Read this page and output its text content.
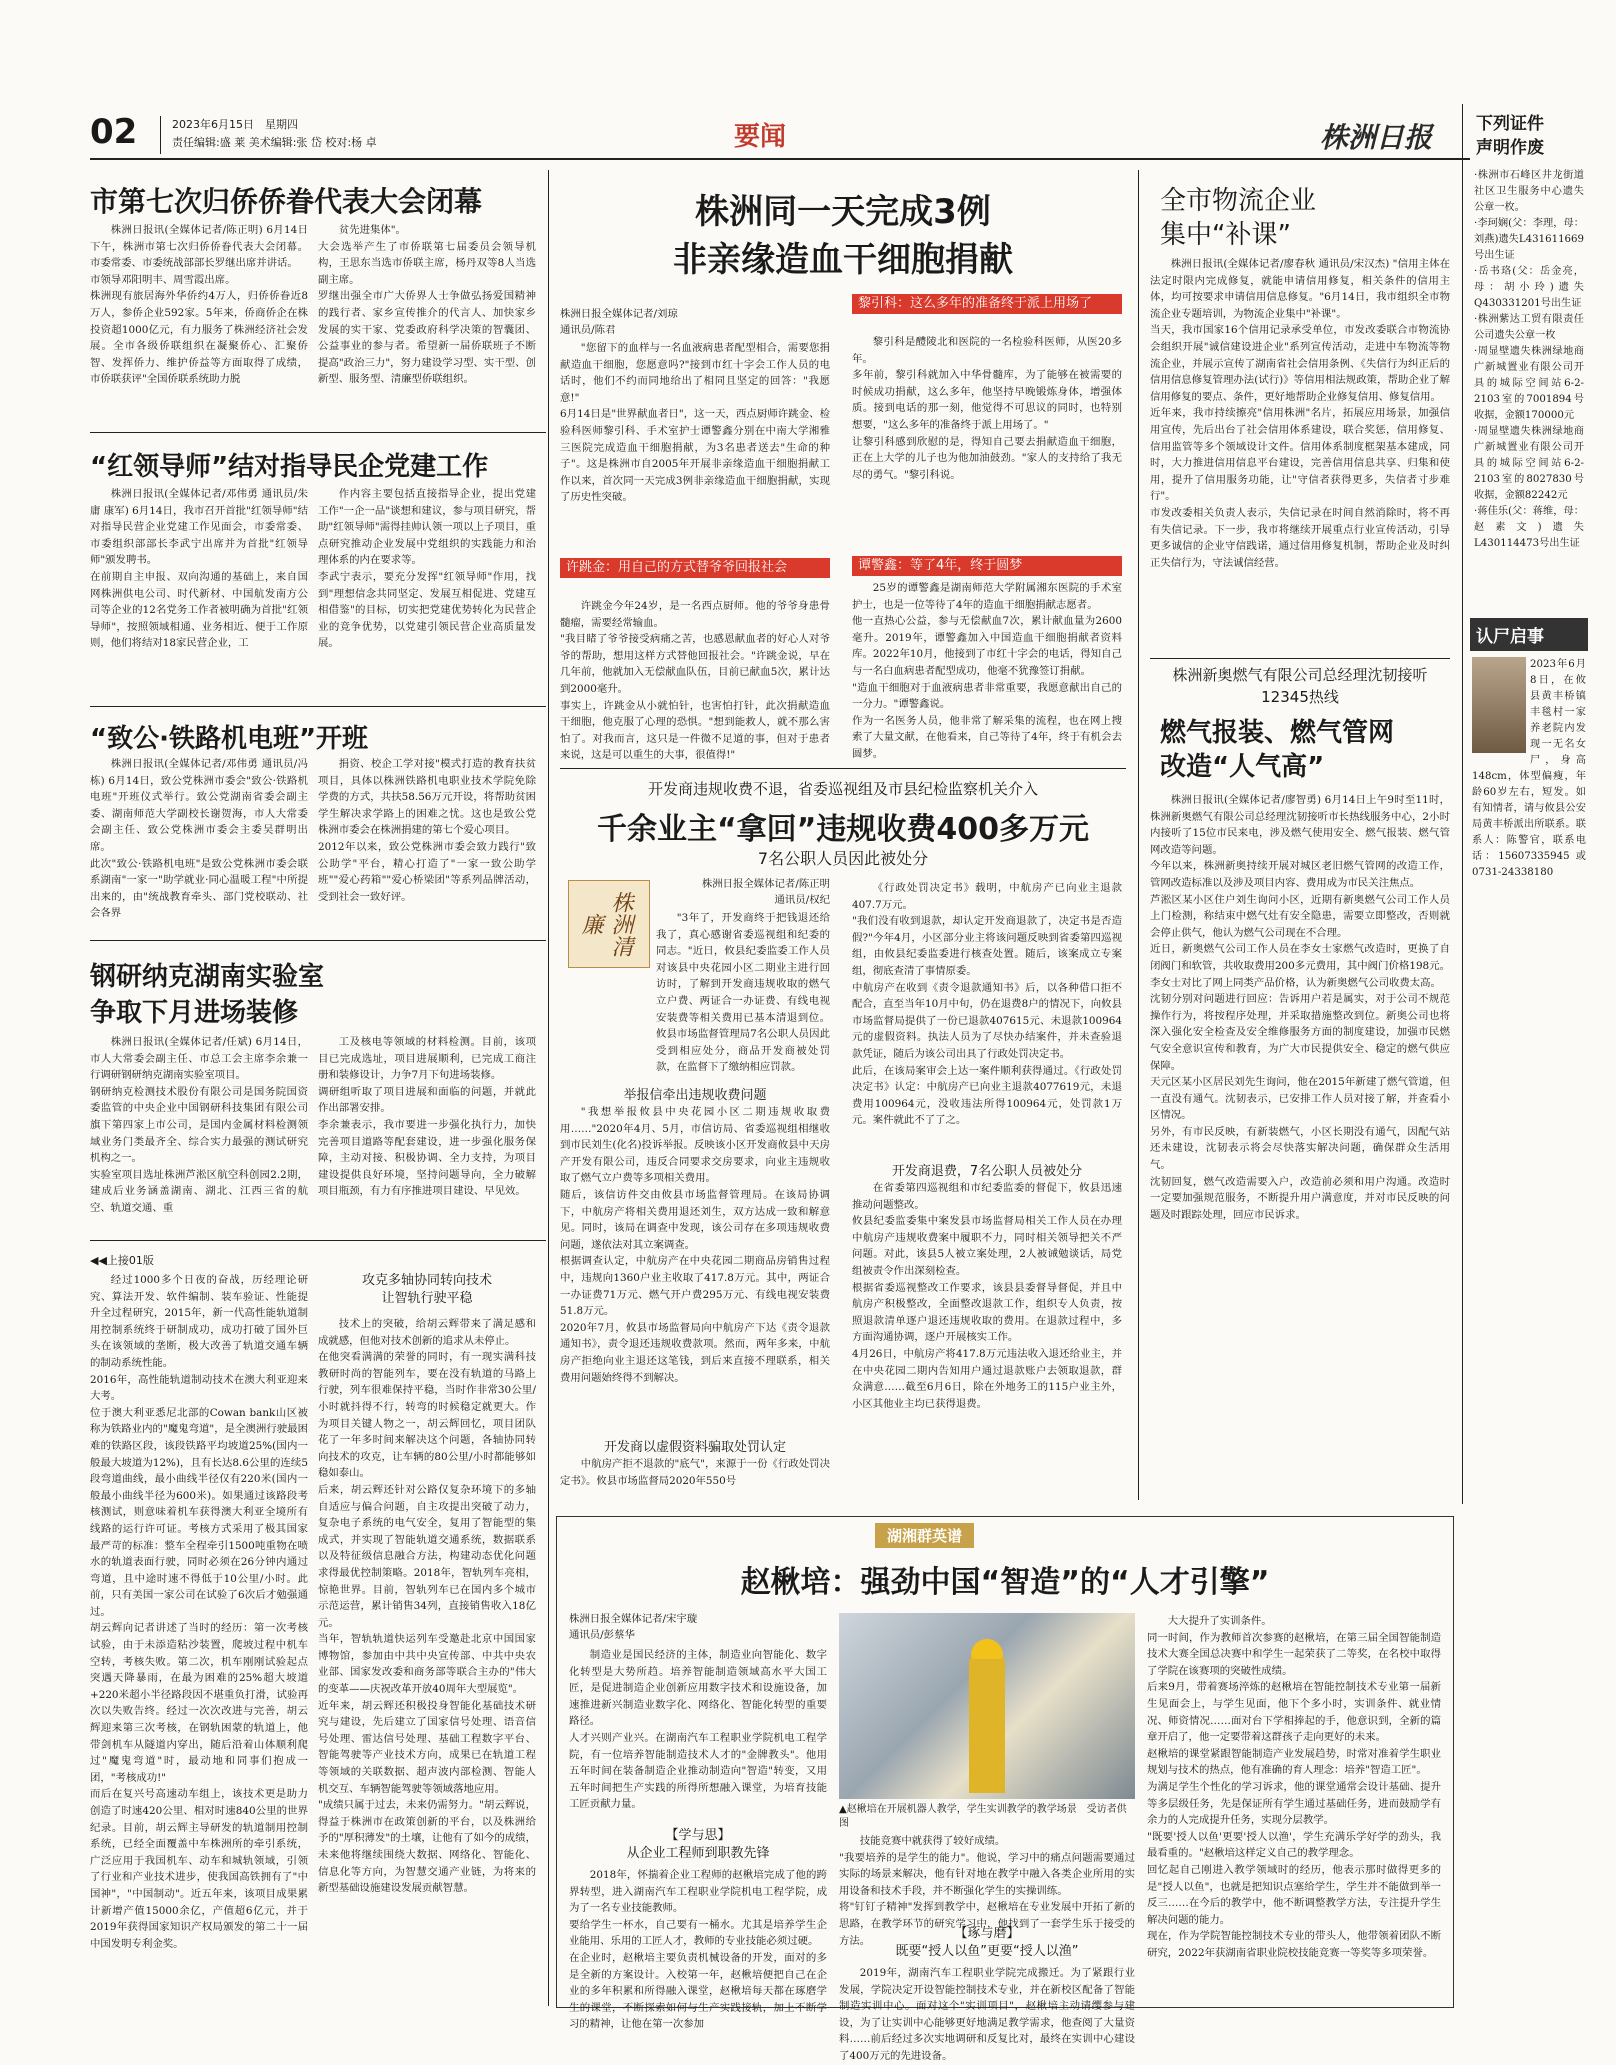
02	2023年6月15日　星期四
责任编辑:盛 莱 美术编辑:张 岱 校对:杨 卓	要闻	株洲日报
市第七次归侨侨眷代表大会闭幕
株洲日报讯(全媒体记者/陈正明) 6月14日下午，株洲市第七次归侨侨眷代表大会闭幕。市委常委、市委统战部部长罗继出席并讲话。
市领导邓阳明丰、周雪霞出席。
株洲现有旅居海外华侨约4万人，归侨侨眷近8万人，参侨企业592家。5年来，侨商侨企在株投资超1000亿元，有力服务了株洲经济社会发展。全市各级侨联组织在凝聚侨心、汇聚侨智、发挥侨力、维护侨益等方面取得了成绩，市侨联获评"全国侨联系统助力脱
贫先进集体"。
大会选举产生了市侨联第七届委员会领导机构，王思东当选市侨联主席，杨丹双等8人当选副主席。
罗继出强全市广大侨界人士争做弘扬爱国精神的践行者、家乡宣传推介的代言人、加快家乡发展的实干家、党委政府科学决策的智囊团、公益事业的参与者。希望新一届侨联班子不断提高"政治三力"，努力建设学习型、实干型、创新型、服务型、清廉型侨联组织。
“红领导师”结对指导民企党建工作
株洲日报讯(全媒体记者/邓伟勇 通讯员/朱庸 康军) 6月14日，我市召开首批"红领导师"结对指导民营企业党建工作见面会，市委常委、市委组织部部长李武宁出席并为首批"红领导师"颁发聘书。
在前期自主申报、双向沟通的基础上，来自国网株洲供电公司、时代新材、中国航发南方公司等企业的12名党务工作者被明确为首批"红领导师"，按照领域相通、业务相近、便于工作原则，他们将结对18家民营企业，工
作内容主要包括直接指导企业，提出党建工作"一企一品"谈想和建议，参与项目研究，帮助"红领导师"需得挂帅认领一项以上子项目，重点研究推动企业发展中党组织的实践能力和治理体系的内在要求等。
李武宁表示，要充分发挥"红领导师"作用，找到"理想信念共同坚定、发展互相促进、党建互相借鉴"的目标，切实把党建优势转化为民营企业的竞争优势，以党建引领民营企业高质量发展。
“致公·铁路机电班”开班
株洲日报讯(全媒体记者/邓伟勇 通讯员/冯栋) 6月14日，致公党株洲市委会"致公·铁路机电班"开班仪式举行。致公党湖南省委会副主委、湖南师范大学副校长谢贺海，市人大常委会副主任、致公党株洲市委会主委吴群明出席。
此次"致公·铁路机电班"是致公党株洲市委会联系湖南"一家一"助学就业·同心温暖工程"中所提出来的，由"统战教育牵头、部门党校联动、社会各界
捐资、校企工学对接"模式打造的教育扶贫项目，具体以株洲铁路机电职业技术学院免除学费的方式，共扶58.56万元开设，将帮助贫困学生解决求学路上的困难之忧。这也是致公党株洲市委会在株洲捐建的第七个爱心项目。
2012年以来，致公党株洲市委会致力践行"致公助学"平台，精心打造了"一家一致公助学班""爱心药箱""爱心桥梁团"等系列品牌活动，受到社会一致好评。
钢研纳克湖南实验室
争取下月进场装修
株洲日报讯(全媒体记者/任斌) 6月14日，市人大常委会副主任、市总工会主席李余兼一行调研钢研纳克湖南实验室项目。
钢研纳克检测技术股份有限公司是国务院国资委监管的中央企业中国钢研科技集团有限公司旗下第四家上市公司，是国内金属材料检测领域业务门类最齐全、综合实力最强的测试研究机构之一。
实验室项目选址株洲芦淞区航空科创园2.2期，建成后业务涵盖湖南、湖北、江西三省的航空、轨道交通、重
工及核电等领域的材料检测。目前，该项目已完成选址，项目进展顺利，已完成工商注册和装修设计，力争7月下旬进场装修。
调研组听取了项目进展和面临的问题，并就此作出部署安排。
李余兼表示，我市要进一步强化执行力，加快完善项目道路等配套建设，进一步强化服务保障，主动对接、积极协调、全力支持，为项目建设提供良好环境，坚持问题导向，全力破解项目瓶颈，有力有序推进项目建设、早见效。
◀◀上接01版
经过1000多个日夜的奋战，历经理论研究、算法开发、软件编制、装车验证、性能提升全过程研究，2015年，新一代高性能轨道制用控制系统终于研制成功，成功打破了国外巨头在该领域的垄断，极大改善了轨道交通车辆的制动系统性能。
2016年，高性能轨道制动技术在澳大利亚迎来大考。
位于澳大利亚悉尼北部的Cowan bank山区被称为铁路业内的"魔鬼弯道"，是全澳洲行驶最困难的铁路区段，该段铁路平均坡道25%(国内一般最大坡道为12%)，且有长达8.6公里的连续5段弯道曲线，最小曲线半径仅有220米(国内一般最小曲线半径为600米)。如果通过该路段考核测试，则意味着机车获得澳大利亚全境所有线路的运行许可证。考核方式采用了极其国家最严苛的标准：整车全程牵引1500吨重物在喷水的轨道表面行驶，同时必须在26分钟内通过弯道，且中途时速不得低于10公里/小时。此前，只有美国一家公司在试验了6次后才勉强通过。
胡云辉向记者讲述了当时的经历：第一次考核试验，由于未添造粘沙装置，爬坡过程中机车空转，考核失败。第二次，机车刚刚试验起点突遇天降暴雨，在最为困难的25%超大坡道+220米超小半径路段因不堪重负打滑，试验再次以失败告终。经过一次次改进与完善，胡云辉迎来第三次考核，在钢轨困蒙的轨道上，他带剑机车从隧道内穿出，随后沿着山体顺利爬过"魔鬼弯道"时，最动地和同事们抱成一团，"考核成功!"
而后在复兴号高速动车组上，该技术更是助力创造了时速420公里、相对时速840公里的世界纪录。目前，胡云辉主导研发的轨道制用控制系统，已经全面覆盖中车株洲所的牵引系统，广泛应用于我国机车、动车和城轨领域，引领了行业和产业技术进步，使我国高铁拥有了"中国神"，"中国制动"。近五年来，该项目成果累计新增产值15000余亿，产值超6亿元，并于2019年获得国家知识产权局颁发的第二十一届中国发明专利金奖。
攻克多轴协同转向技术
让智轨行驶平稳
技术上的突破，给胡云辉带来了满足感和成就感，但他对技术创新的追求从未停止。
在他突看满满的荣誉的同时，有一现实满科技教研时尚的智能列车，要在没有轨道的马路上行驶，列车很难保持平稳，当时作非常30公里/小时就抖得不行，转弯的时候稳定就更大。作为项目关键人物之一，胡云辉回忆，项目团队花了一年多时间来解决这个问题，各轴协同转向技术的攻克，让车辆的80公里/小时都能够如稳如泰山。
后来，胡云辉还针对公路仅复杂环境下的多轴自适应与偏合问题，自主攻提出突破了动力，复杂电子系统的电气安全，复用了智能型的集成式，并实现了智能轨道交通系统，数据联系以及特征级信息融合方法，构建动态优化问题求得最优控制策略。2018年，智轨列车亮相，惊艳世界。目前，智轨列车已在国内多个城市示范运营，累计销售34列，直接销售收入18亿元。
当年，智轨轨道快运列车受邀赴北京中国国家博物馆，参加由中共中央宣传部、中共中央农业部、国家发改委和商务部等联合主办的"伟大的变革——庆祝改革开放40周年大型展览"。
近年来，胡云辉还积极投身智能化基础技术研究与建设，先后建立了国家信号处理、语音信号处理、雷达信号处理、基础工程数字平台、智能驾驶等产业技术方向，成果已在轨道工程等领域的关联数据、超声波内部检测、智能人机交互、车辆智能驾驶等领域落地应用。
"成绩只属于过去，未来仍需努力。"胡云辉说，得益于株洲市在政策创新的平台，以及株洲给予的"厚积薄发"的土壤，让他有了如今的成绩，未来他将继续围绕大数据、网络化、智能化、信息化等方向，为智慧交通产业链，为将来的新型基础设施建设发展贡献智慧。
株洲同一天完成3例
非亲缘造血干细胞捐献
株洲日报全媒体记者/刘琼
通讯员/陈君
"您留下的血样与一名血液病患者配型相合，需要您捐献造血干细胞，您愿意吗?"接到市红十字会工作人员的电话时，他们不约而同地给出了相同且坚定的回答："我愿意!"
6月14日是"世界献血者日"，这一天，西点厨师许跳金、检验科医师黎引科、手术室护士谭警鑫分别在中南大学湘雅三医院完成造血干细胞捐献，为3名患者送去"生命的种子"。这是株洲市自2005年开展非亲缘造血干细胞捐献工作以来，首次同一天完成3例非亲缘造血干细胞捐献，实现了历史性突破。
许跳金：用自己的方式替爷爷回报社会
许跳金今年24岁，是一名西点厨师。他的爷爷身患骨髓瘤，需要经常输血。
"我目睹了爷爷接受病痛之苦，也感恩献血者的好心人对爷爷的帮助，想用这样方式替他回报社会。"许跳金说，早在几年前，他就加入无偿献血队伍，目前已献血5次，累计达到2000毫升。
事实上，许跳金从小就怕针，也害怕打针，此次捐献造血干细胞，他克服了心理的恐惧。"想到能救人，就不那么害怕了。对我而言，这只是一件微不足道的事，但对于患者来说，这是可以重生的大事，很值得!"
黎引科：这么多年的准备终于派上用场了
黎引科是醴陵北和医院的一名检验科医师，从医20多年。
多年前，黎引科就加入中华骨髓库，为了能够在被需要的时候成功捐献，这么多年，他坚持早晚锻炼身体，增强体质。接到电话的那一刻，他觉得不可思议的同时，也特别想要，"这么多年的准备终于派上用场了。"
让黎引科感到欣慰的是，得知自己要去捐献造血干细胞，正在上大学的儿子也为他加油鼓劲。"家人的支持给了我无尽的勇气。"黎引科说。
谭警鑫：等了4年，终于圆梦
25岁的谭警鑫是湖南师范大学附属湘东医院的手术室护士，也是一位等待了4年的造血干细胞捐献志愿者。
他一直热心公益，参与无偿献血7次，累计献血量为2600毫升。2019年，谭警鑫加入中国造血干细胞捐献者资料库。2022年10月，他接到了市红十字会的电话，得知自己与一名白血病患者配型成功，他毫不犹豫签订捐献。
"造血干细胞对于血液病患者非常重要，我愿意献出自己的一分力。"谭警鑫说。
作为一名医务人员，他非常了解采集的流程，也在网上搜索了大量文献，在他看来，自己等待了4年，终于有机会去圆梦。
开发商违规收费不退，省委巡视组及市县纪检监察机关介入
千余业主“拿回”违规收费400多万元
7名公职人员因此被处分
株洲清廉
株洲日报全媒体记者/陈正明
通讯员/权纪
"3年了，开发商终于把钱退还给我了，真心感谢省委巡视组和纪委的同志。"近日，攸县纪委监委工作人员对该县中央花园小区二期业主进行回访时，了解到开发商违规收取的燃气立户费、两证合一办证费、有线电视安装费等相关费用已基本清退到位。攸县市场监督管理局7名公职人员因此受到相应处分，商品开发商被处罚款，在监督下了缴纳相应罚款。
举报信牵出违规收费问题
"我想举报攸县中央花园小区二期违规收取费用……"2020年4月、5月，市信访局、省委巡视组相继收到市民刘生(化名)投诉举报。反映该小区开发商攸县中天房产开发有限公司，违反合同要求交房要求，向业主违规收取了燃气立户费等多项相关费用。
随后，该信访件交由攸县市场监督管理局。在该局协调下，中航房产将相关费用退还刘生，双方达成一致和解意见。同时，该局在调查中发现，该公司存在多项违规收费问题，遂依法对其立案调查。
根据调查认定，中航房产在中央花园二期商品房销售过程中，违规向1360户业主收取了417.8万元。其中，两证合一办证费71万元、燃气开户费295万元、有线电视安装费51.8万元。
2020年7月，攸县市场监督局向中航房产下达《责令退款通知书》，责令退还违规收费款项。然而，两年多来，中航房产拒绝向业主退还这笔钱，到后来直接不理联系，相关费用问题始终得不到解决。
开发商以虚假资料骗取处罚认定
中航房产拒不退款的"底气"，来源于一份《行政处罚决定书》。攸县市场监督局2020年550号
《行政处罚决定书》载明，中航房产已向业主退款407.7万元。
"我们没有收到退款，却认定开发商退款了，决定书是否造假?"今年4月，小区部分业主将该问题反映到省委第四巡视组，由攸县纪委监委进行核查处置。随后，该案成立专案组，彻底查清了事情原委。
中航房产在收到《责令退款通知书》后，以各种借口拒不配合，直至当年10月中旬，仍在退费8户的情况下，向攸县市场监督局提供了一份已退款407615元、未退款100964元的虚假资料。执法人员为了尽快办结案件，并未查验退款凭证，随后为该公司出具了行政处罚决定书。
此后，在该局案审会上达一案件顺利获得通过。《行政处罚决定书》认定：中航房产已向业主退款4077619元，未退费用100964元，没收违法所得100964元，处罚款1万元。案件就此不了了之。
开发商退费，7名公职人员被处分
在省委第四巡视组和市纪委监委的督促下，攸县迅速推动问题整改。
攸县纪委监委集中案发县市场监督局相关工作人员在办理中航房产违规收费案中履职不力，同时相关领导把关不严问题。对此，该县5人被立案处理，2人被诫勉谈话，局党组被责令作出深刻检查。
根据省委巡视整改工作要求，该县县委督导督促，并且中航房产积极整改，全面整改退款工作，组织专人负责，按照退款清单逐户退还违规收取的费用。在退款过程中，多方面沟通协调，逐户开展核实工作。
4月26日，中航房产将417.8万元违法收入退还给业主，并在中央花园二期内告知用户通过退款账户去领取退款，群众满意……截至6月6日，除在外地务工的115户业主外，小区其他业主均已获得退费。
全市物流企业
集中“补课”
株洲日报讯(全媒体记者/廖春秋 通讯员/宋汉杰) "信用主体在法定时限内完成修复，就能申请信用修复，相关条件的信用主体，均可按要求申请信用信息修复。"6月14日，我市组织全市物流企业专题培训，为物流企业集中"补课"。
当天，我市国家16个信用记录承受单位，市发改委联合市物流协会组织开展"诚信建设进企业"系列宣传活动，走进中车物流等物流企业，并展示宣传了湖南省社会信用条例、《失信行为纠正后的信用信息修复管理办法(试行)》等信用相法规政策，帮助企业了解信用修复的要点、条件，更好地帮助企业修复信用、修复信用。
近年来，我市持续擦亮"信用株洲"名片，拓展应用场景，加强信用宣传，先后出台了社会信用体系建设，联合奖惩，信用修复、信用监管等多个领域设计文件。信用体系制度框架基本建成，同时，大力推进信用信息平台建设，完善信用信息共享、归集和使用，提升了信用服务功能，让"守信者获得更多，失信者寸步难行"。
市发改委相关负责人表示，失信记录在时间自然消除时，将不再有失信记录。下一步，我市将继续开展重点行业宣传活动，引导更多诚信的企业守信践诺，通过信用修复机制，帮助企业及时纠正失信行为，守法诚信经营。
株洲新奥燃气有限公司总经理沈韧接听12345热线
燃气报装、燃气管网
改造“人气高”
株洲日报讯(全媒体记者/廖智勇) 6月14日上午9时至11时，株洲新奥燃气有限公司总经理沈韧接听市长热线服务中心，2小时内接听了15位市民来电，涉及燃气使用安全、燃气报装、燃气管网改造等问题。
今年以来，株洲新奥持续开展对城区老旧燃气管网的改造工作，管网改造标准以及涉及项目内容、费用成为市民关注焦点。
芦淞区某小区住户刘生询问小区，近期有新奥燃气公司工作人员上门检测，称结束中燃气灶有安全隐患，需要立即整改，否则就会停止供气，他认为燃气公司现在不合理。
近日，新奥燃气公司工作人员在李女士家燃气改造时，更换了自闭阀门和软管，共收取费用200多元费用，其中阀门价格198元。李女士对比了网上同类产品价格，认为新奥燃气公司收费太高。
沈韧分别对问题进行回应：告诉用户若是属实，对于公司不规范操作行为，将按程序处理，并采取措施整改到位。新奥公司也将深入强化安全检查及安全维修服务方面的制度建设，加强市民燃气安全意识宣传和教育，为广大市民提供安全、稳定的燃气供应保障。
天元区某小区居民刘先生询问，他在2015年新建了燃气管道，但一直没有通气。沈韧表示，已安排工作人员对接了解，并查看小区情况。
另外，有市民反映，有新装燃气，小区长期没有通气，因配气站还未建设，沈韧表示将会尽快落实解决问题，确保群众生活用气。
沈韧回复，燃气改造需要入户，改造前必须和用户沟通。改造时一定要加强规范服务，不断提升用户满意度，并对市民反映的问题及时跟踪处理，回应市民诉求。
下列证件
声明作废
·株洲市石峰区井龙街道社区卫生服务中心遗失公章一枚。
·李珂娴(父：李理，母：刘燕)遗失L431611669号出生证
·岳书珞(父：岳金亮，母：胡小玲)遗失Q430331201号出生证
·株洲紫达工贸有限责任公司遗失公章一枚
·周显壁遗失株洲绿地商广新城置业有限公司开具的城际空间站6-2-2103室的7001894号收据，金额170000元
·周显壁遗失株洲绿地商广新城置业有限公司开具的城际空间站6-2-2103室的8027830号收据，金额82242元
·蒋佳乐(父：蒋维，母：赵素文)遗失L430114473号出生证
认尸启事
2023年6月8日，在攸县黄丰桥镇丰毯村一家养老院内发现一无名女尸，身高148cm，体型偏瘦，年龄60岁左右，短发。如有知情者，请与攸县公安局黄丰桥派出所联系。联系人：陈警官，联系电话：15607335945 或 0731-24338180
湖湘群英谱
赵楸培：强劲中国“智造”的“人才引擎”
株洲日报全媒体记者/宋宇璇
通讯员/彭蔡华
制造业是国民经济的主体，制造业向智能化、数字化转型是大势所趋。培养智能制造领域高水平大国工匠，是促进制造企业创新应用数字技术和设施设备，加速推进新兴制造业数字化、网络化、智能化转型的重要路径。
人才兴则产业兴。在湖南汽车工程职业学院机电工程学院，有一位培养智能制造技术人才的"金牌教头"。他用五年时间在装备制造企业推动制造向"智造"转变，又用五年时间把生产实践的所得所想融入课堂，为培育技能工匠贡献力量。
【学与思】
从企业工程师到职教先锋
2018年，怀揣着企业工程师的赵楸培完成了他的跨界转型，进入湖南汽车工程职业学院机电工程学院，成为了一名专业技能教师。
要给学生一杯水，自己要有一桶水。尤其是培养学生企业能用、乐用的工匠人才，教师的专业技能必须过硬。
在企业时，赵楸培主要负责机械设备的开发，面对的多是全新的方案设计。入校第一年，赵楸培便把自己在企业的多年积累和所得融入课堂，赵楸培每天都在琢磨学生的课堂，不断探索如何与生产实践接轨，加上不断学习的精神，让他在第一次参加
▲赵楸培在开展机器人教学，学生实训教学的教学场景　受访者供图
技能竞赛中就获得了较好成绩。
"我要培养的是学生的能力"。他说，学习中的痛点问题需要通过实际的场景来解决，他有针对地在教学中融入各类企业所用的实用设备和技术手段，并不断强化学生的实操训练。
将"钉钉子精神"发挥到教学中，赵楸培在专业发展中开拓了新的思路，在教学环节的研究学习中，他找到了一套学生乐于接受的方法。	【琢与磨】
既要“授人以鱼”更要“授人以渔”
2019年，湖南汽车工程职业学院完成搬迁。为了紧跟行业发展，学院决定开设智能控制技术专业，并在新校区配备了智能制造实训中心。面对这个"实训项目"，赵楸培主动请缨参与建设，为了让实训中心能够更好地满足教学需求，他查阅了大量资料……前后经过多次实地调研和反复比对，最终在实训中心建设了400万元的先进设备。
大大提升了实训条件。
同一时间，作为教师首次参赛的赵楸培，在第三届全国智能制造技术大赛全国总决赛中和学生一起荣获了二等奖，在名校中取得了学院在该赛项的突破性成绩。
后来9月，带着赛场淬炼的赵楸培在智能控制技术专业第一届新生见面会上，与学生见面，他下个多小时，实训条件、就业情况、师资情况……面对台下学相捧起的手，他意识到，全新的篇章开启了，他一定要带着这群孩子走向更好的未来。
赵楸培的课堂紧跟智能制造产业发展趋势，时常对准着学生职业规划与技术的热点，他有准确的育人理念：培养"智造工匠"。
为满足学生个性化的学习诉求，他的课堂通常会设计基础、提升等多层级任务，先是保证所有学生通过基础任务，进而鼓励学有余力的人完成提升任务，实现分层教学。
"既要'授人以鱼'更要'授人以渔'，学生充满乐学好学的劲头，我最看重的。"赵楸培这样定义自己的教学理念。
回忆起自己刚进入教学领域时的经历，他表示那时做得更多的是"授人以鱼"，也就是把知识点塞给学生，学生并不能做到举一反三……在今后的教学中，他不断调整教学方法，专注提升学生解决问题的能力。
现在，作为学院智能控制技术专业的带头人，他带领着团队不断研究，2022年获湖南省职业院校技能竞赛一等奖等多项荣誉。
